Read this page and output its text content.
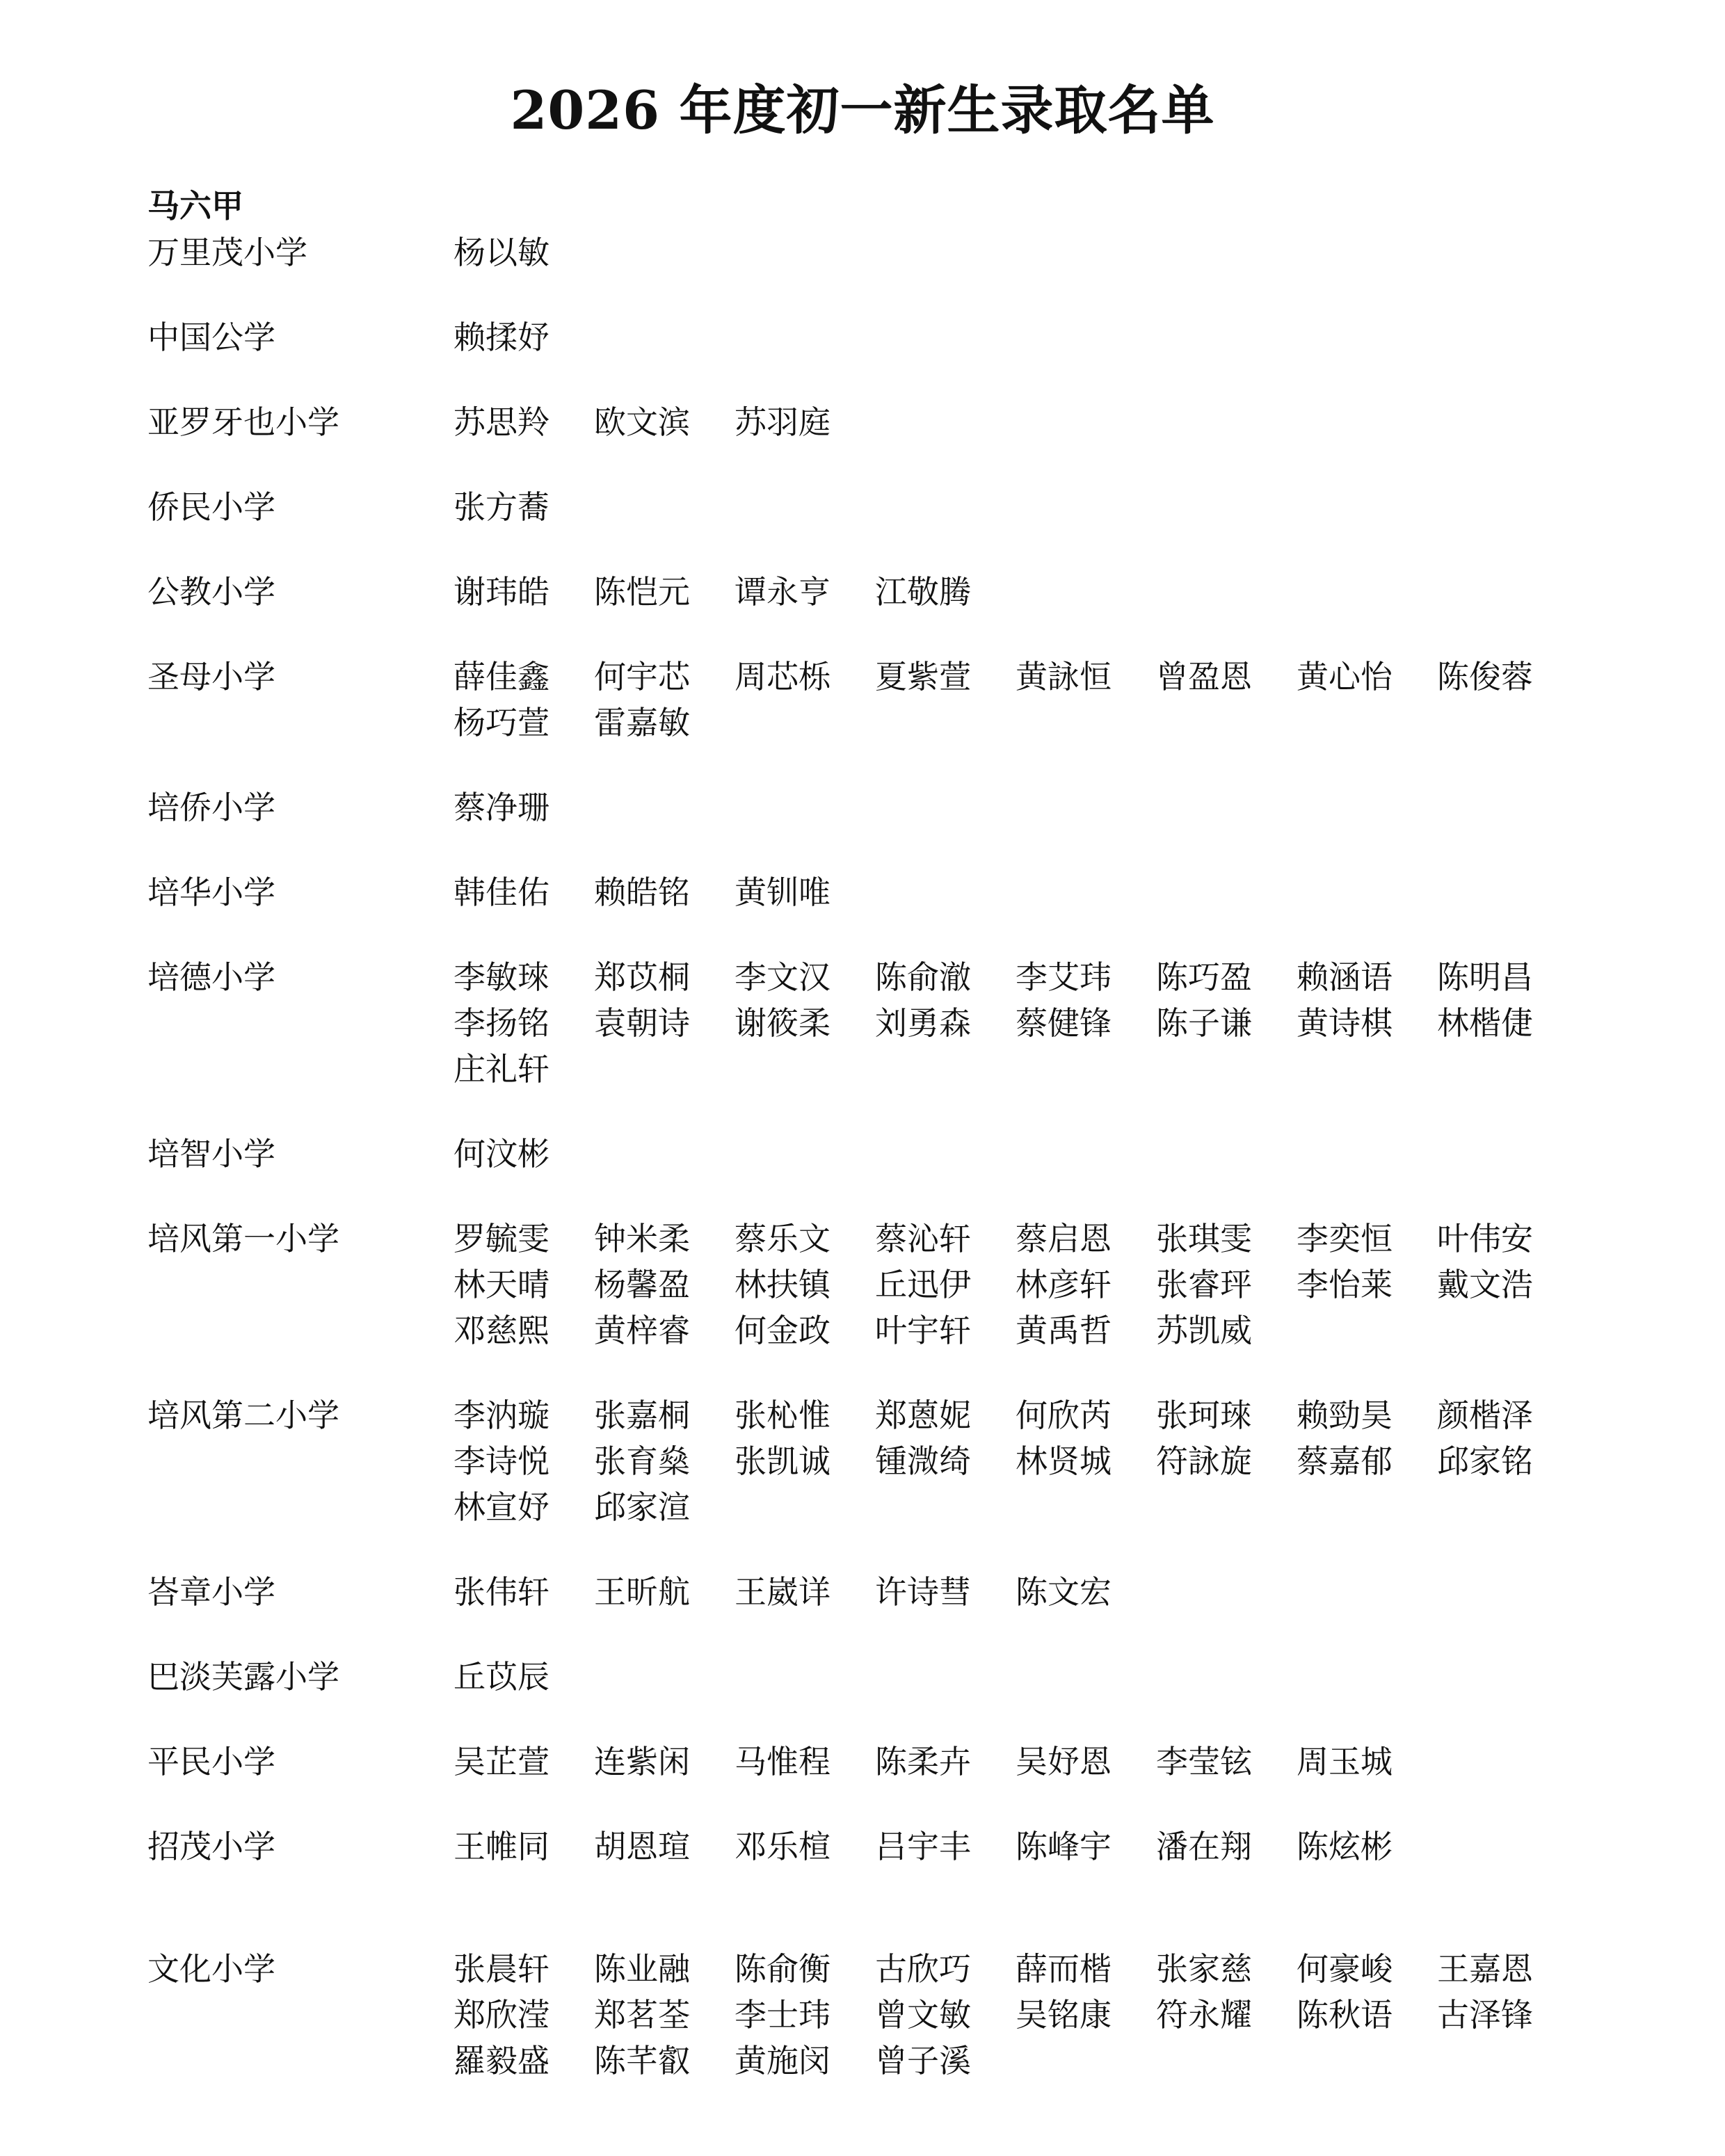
2026 年度初一新生录取名单
马六甲
万里茂小学	杨以敏
中国公学	赖揉妤
亚罗牙也小学	苏思羚	欧文滨	苏羽庭
侨民小学	张方蕎
公教小学	谢玮皓	陈恺元	谭永亨	江敬腾
圣母小学	薛佳鑫	何宇芯	周芯栎	夏紫萱	黄詠恒	曾盈恩	黄心怡	陈俊蓉
杨巧萱	雷嘉敏
培侨小学	蔡净珊
培华小学	韩佳佑	赖皓铭	黄钏唯
培德小学	李敏琜	郑苡桐	李文汉	陈俞澈	李艾玮	陈巧盈	赖涵语	陈明昌
李扬铭	袁朝诗	谢筱柔	刘勇森	蔡健锋	陈子谦	黄诗棋	林楷倢
庄礼轩
培智小学	何汶彬
培风第一小学	罗毓雯	钟米柔	蔡乐文	蔡沁轩	蔡启恩	张琪雯	李奕恒	叶伟安
林天晴	杨馨盈	林扶镇	丘迅伊	林彦轩	张睿玶	李怡莱	戴文浩
邓慈熙	黄梓睿	何金政	叶宇轩	黄禹哲	苏凯威
培风第二小学	李汭璇	张嘉桐	张杺惟	郑蒽妮	何欣芮	张珂琜	赖勁昊	颜楷泽
李诗悦	张育燊	张凯诚	锺溦绮	林贤城	符詠旋	蔡嘉郁	邱家铭
林宣妤	邱家渲
峇章小学	张伟轩	王昕航	王崴详	许诗彗	陈文宏
巴淡芙露小学	丘苡辰
平民小学	吴芷萱	连紫闲	马惟程	陈柔卉	吴妤恩	李莹铉	周玉城
招茂小学	王帷同	胡恩瑄	邓乐楦	吕宇丰	陈峰宇	潘在翔	陈炫彬
文化小学	张晨轩	陈业融	陈俞衡	古欣巧	薛而楷	张家慈	何豪峻	王嘉恩
郑欣滢	郑茗荃	李士玮	曾文敏	吴铭康	符永耀	陈秋语	古泽锋
羅毅盛	陈芊叡	黄施闵	曾子溪
